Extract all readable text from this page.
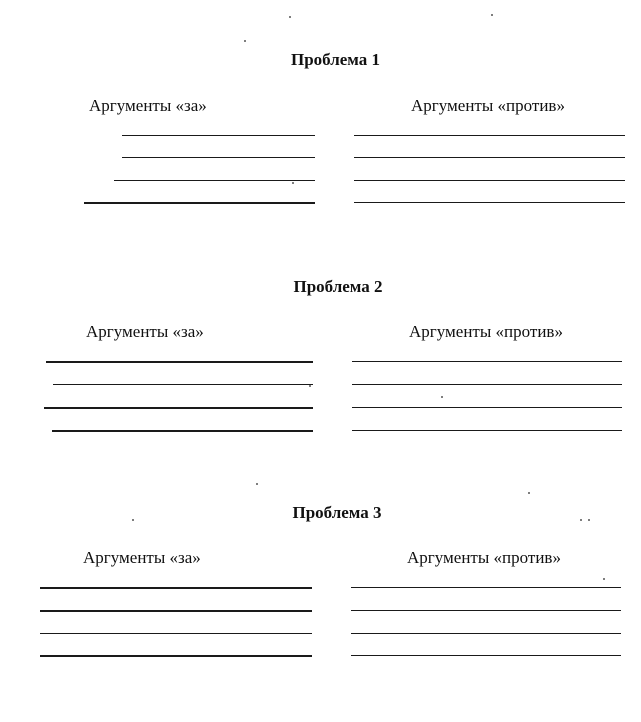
Проблема 1
Аргументы «за»	Аргументы «против»
Проблема 2
Аргументы «за»	Аргументы «против»
Проблема 3
Аргументы «за»	Аргументы «против»
